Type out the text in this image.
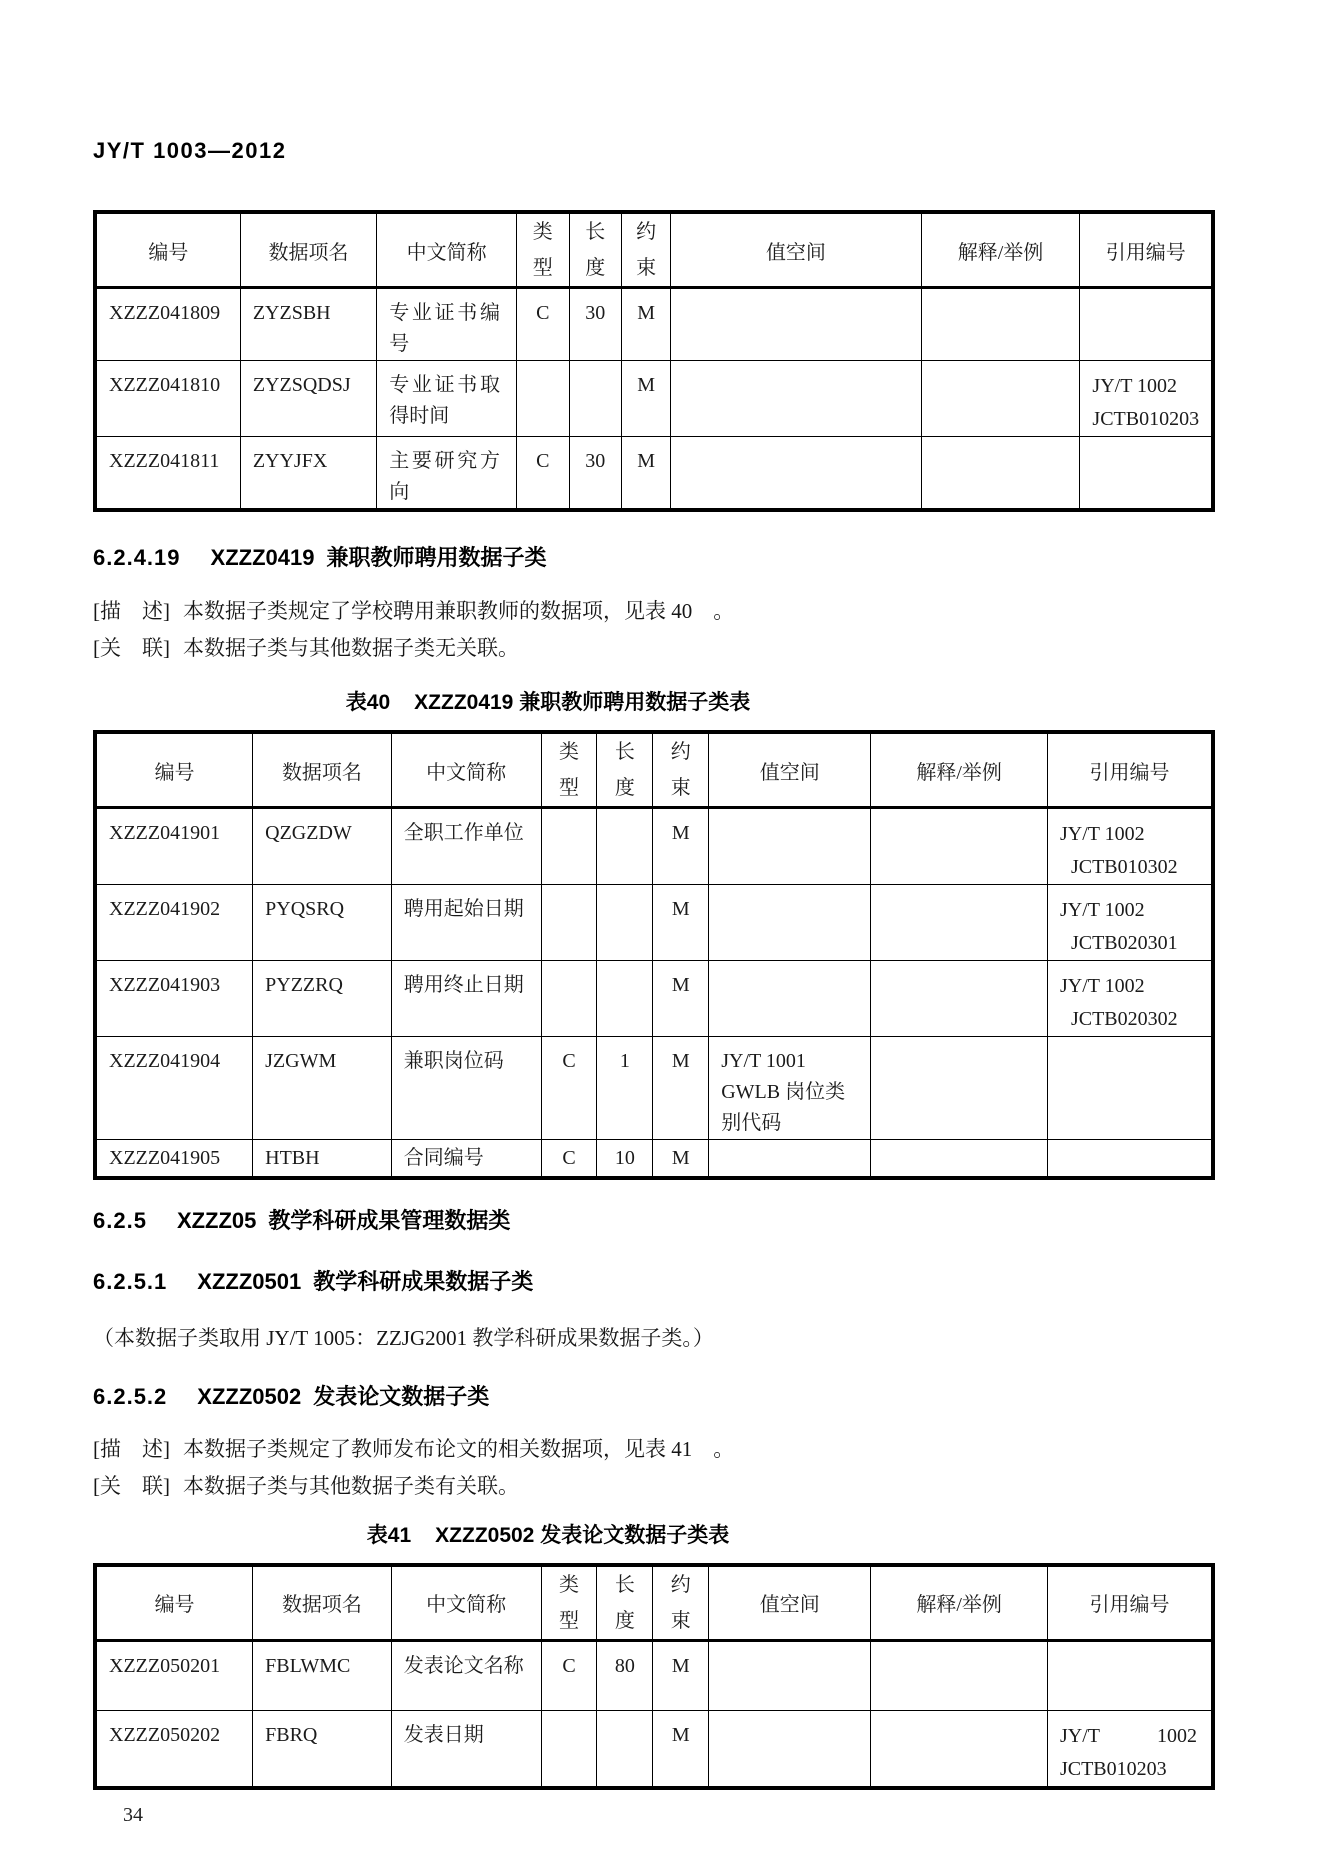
JY/T 1003—2012
编号	数据项名	中文简称	类型	长度	约束	值空间	解释/举例	引用编号
XZZZ041809	ZYZSBH	专业证书编号	C	30	M			
XZZZ041810	ZYZSQDSJ	专业证书取得时间			M			JY/T 1002
JCTB010203

XZZZ041811	ZYYJFX	主要研究方向	C	30	M			
6.2.4.19 XZZZ0419 兼职教师聘用数据子类
[描　述] 本数据子类规定了学校聘用兼职教师的数据项，见表 40　。
[关　联] 本数据子类与其他数据子类无关联。
表40 XZZZ0419 兼职教师聘用数据子类表
编号	数据项名	中文简称	类型	长度	约束	值空间	解释/举例	引用编号
XZZZ041901	QZGZDW	全职工作单位			M			JY/T 1002
JCTB010302

XZZZ041902	PYQSRQ	聘用起始日期			M			JY/T 1002
JCTB020301

XZZZ041903	PYZZRQ	聘用终止日期			M			JY/T 1002
JCTB020302

XZZZ041904	JZGWM	兼职岗位码	C	1	M	JY/T 1001 GWLB 岗位类别代码		
XZZZ041905	HTBH	合同编号	C	10	M			
6.2.5 XZZZ05 教学科研成果管理数据类
6.2.5.1 XZZZ0501 教学科研成果数据子类
（本数据子类取用 JY/T 1005：ZZJG2001 教学科研成果数据子类。）
6.2.5.2 XZZZ0502 发表论文数据子类
[描　述] 本数据子类规定了教师发布论文的相关数据项，见表 41　。
[关　联] 本数据子类与其他数据子类有关联。
表41 XZZZ0502 发表论文数据子类表
编号	数据项名	中文简称	类型	长度	约束	值空间	解释/举例	引用编号
XZZZ050201	FBLWMC	发表论文名称	C	80	M			
XZZZ050202	FBRQ	发表日期			M			JY/T 1002
JCTB010203
34
